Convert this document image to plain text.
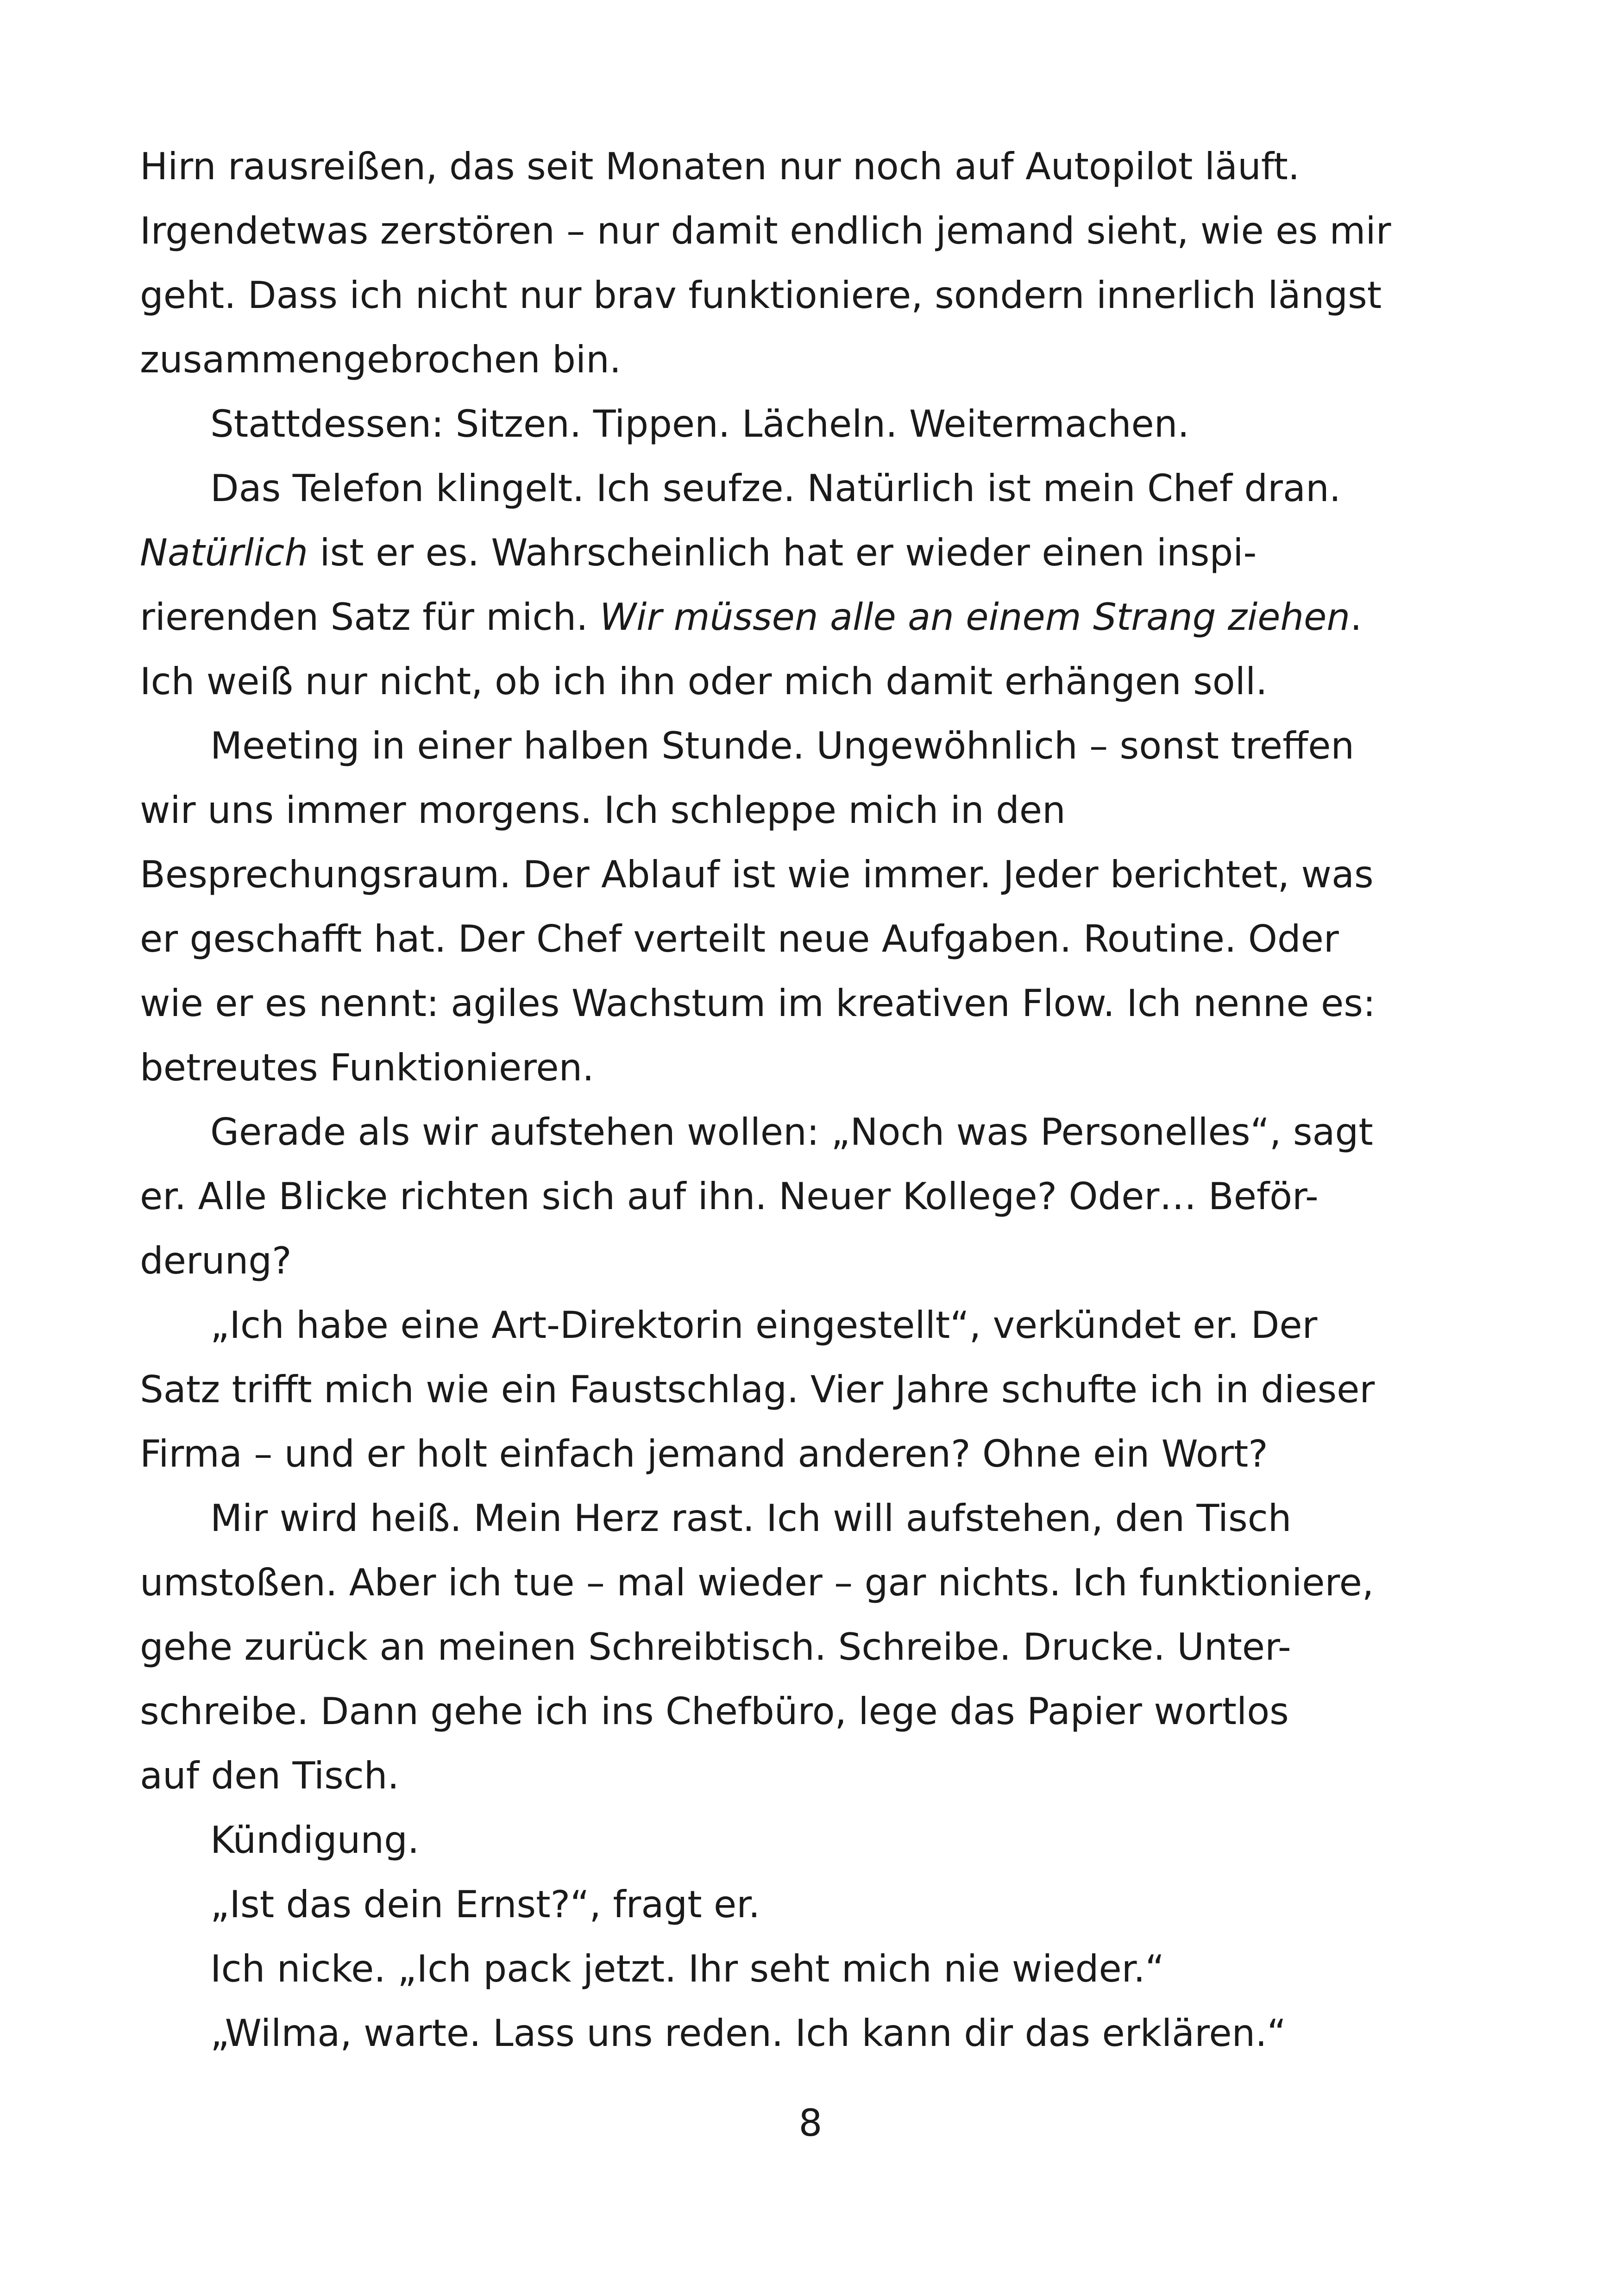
Hirn rausreißen, das seit Monaten nur noch auf Autopilot läuft.
Irgendetwas zerstören – nur damit endlich jemand sieht, wie es mir
geht. Dass ich nicht nur brav funktioniere, sondern innerlich längst
zusammengebrochen bin.
Stattdessen: Sitzen. Tippen. Lächeln. Weitermachen.
Das Telefon klingelt. Ich seufze. Natürlich ist mein Chef dran.
Natürlich ist er es. Wahrscheinlich hat er wieder einen inspi-
rierenden Satz für mich. Wir müssen alle an einem Strang ziehen.
Ich weiß nur nicht, ob ich ihn oder mich damit erhängen soll.
Meeting in einer halben Stunde. Ungewöhnlich – sonst treffen
wir uns immer morgens. Ich schleppe mich in den
Besprechungsraum. Der Ablauf ist wie immer. Jeder berichtet, was
er geschafft hat. Der Chef verteilt neue Aufgaben. Routine. Oder
wie er es nennt: agiles Wachstum im kreativen Flow. Ich nenne es:
betreutes Funktionieren.
Gerade als wir aufstehen wollen: „Noch was Personelles“, sagt
er. Alle Blicke richten sich auf ihn. Neuer Kollege? Oder… Beför-
derung?
„Ich habe eine Art-Direktorin eingestellt“, verkündet er. Der
Satz trifft mich wie ein Faustschlag. Vier Jahre schufte ich in dieser
Firma – und er holt einfach jemand anderen? Ohne ein Wort?
Mir wird heiß. Mein Herz rast. Ich will aufstehen, den Tisch
umstoßen. Aber ich tue – mal wieder – gar nichts. Ich funktioniere,
gehe zurück an meinen Schreibtisch. Schreibe. Drucke. Unter-
schreibe. Dann gehe ich ins Chefbüro, lege das Papier wortlos
auf den Tisch.
Kündigung.
„Ist das dein Ernst?“, fragt er.
Ich nicke. „Ich pack jetzt. Ihr seht mich nie wieder.“
„Wilma, warte. Lass uns reden. Ich kann dir das erklären.“
8
